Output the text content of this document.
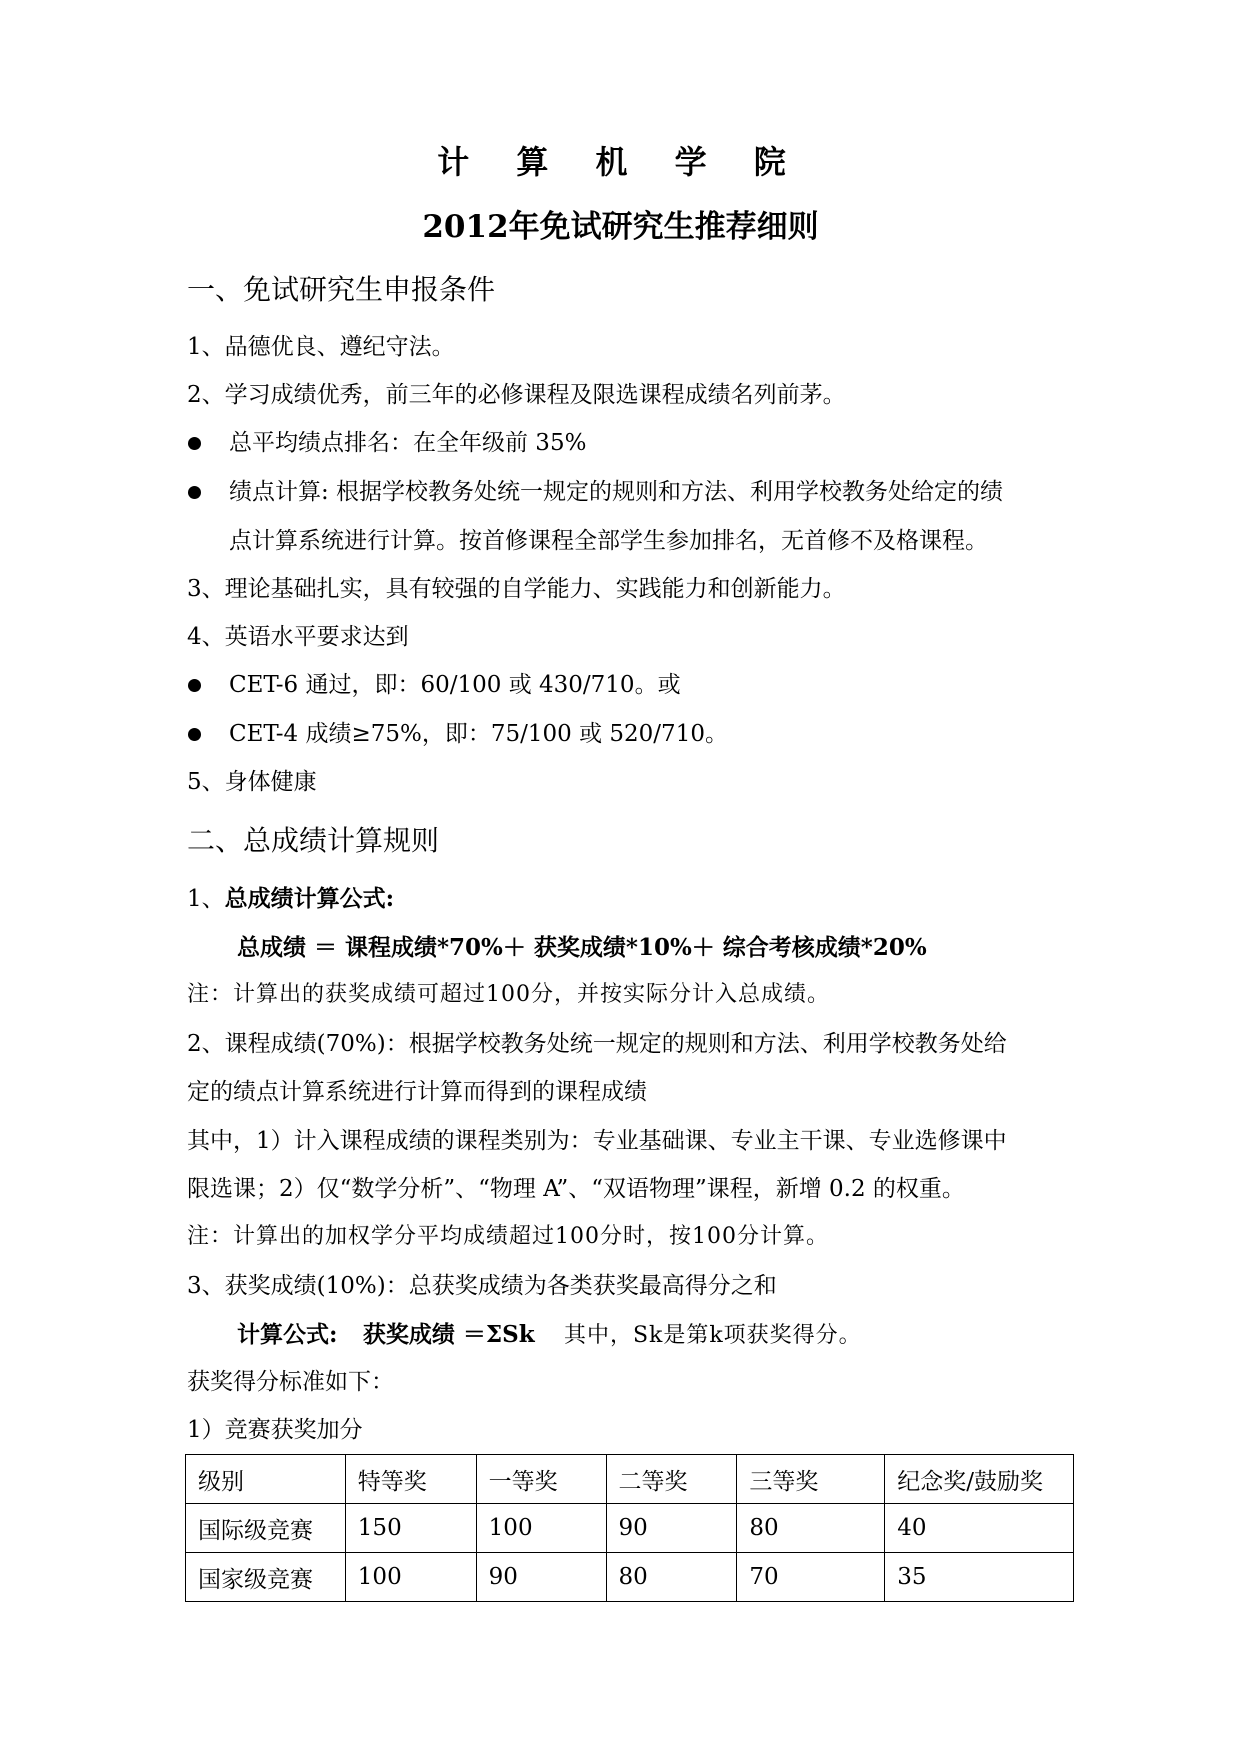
计 算 机 学 院
2012年免试研究生推荐细则
一、免试研究生申报条件
1、品德优良、遵纪守法。
2、学习成绩优秀，前三年的必修课程及限选课程成绩名列前茅。
总平均绩点排名：在全年级前 35%
绩点计算: 根据学校教务处统一规定的规则和方法、利用学校教务处给定的绩
点计算系统进行计算。按首修课程全部学生参加排名，无首修不及格课程。
3、理论基础扎实，具有较强的自学能力、实践能力和创新能力。
4、英语水平要求达到
CET-6 通过，即：60/100 或 430/710。或
CET-4 成绩≥75%，即：75/100 或 520/710。
5、身体健康
二、总成绩计算规则
1、总成绩计算公式:
总成绩 ＝ 课程成绩*70%＋ 获奖成绩*10%＋ 综合考核成绩*20%
注：计算出的获奖成绩可超过100分，并按实际分计入总成绩。
2、课程成绩(70%)：根据学校教务处统一规定的规则和方法、利用学校教务处给
定的绩点计算系统进行计算而得到的课程成绩
其中，1）计入课程成绩的课程类别为：专业基础课、专业主干课、专业选修课中
限选课；2）仅“数学分析”、“物理 A”、“双语物理”课程，新增 0.2 的权重。
注：计算出的加权学分平均成绩超过100分时，按100分计算。
3、获奖成绩(10%)：总获奖成绩为各类获奖最高得分之和
计算公式: 获奖成绩 ＝ΣSk 其中，Sk是第k项获奖得分。
获奖得分标准如下：
1）竞赛获奖加分
级别	特等奖	一等奖	二等奖	三等奖	纪念奖/鼓励奖
国际级竞赛	150	100	90	80	40
国家级竞赛	100	90	80	70	35
